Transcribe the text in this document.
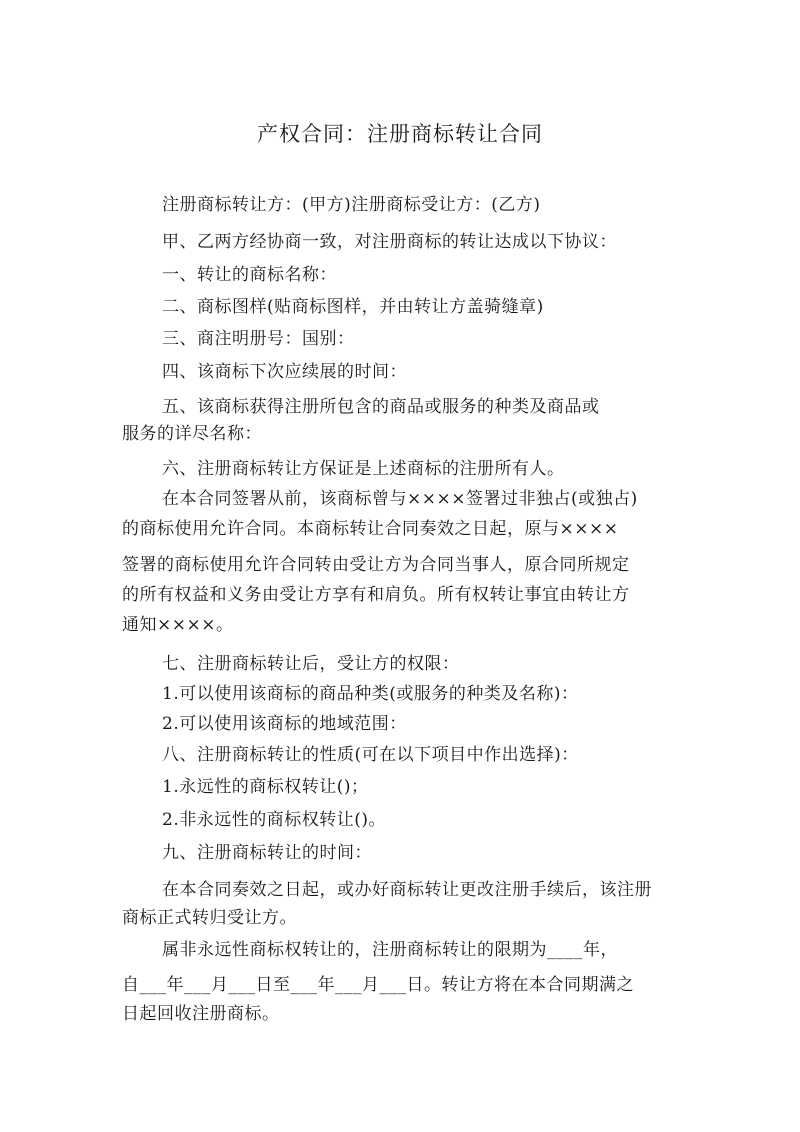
产权合同：注册商标转让合同
注册商标转让方：(甲方)注册商标受让方：(乙方)
甲、乙两方经协商一致，对注册商标的转让达成以下协议：
一、转让的商标名称：
二、商标图样(贴商标图样，并由转让方盖骑缝章)
三、商注明册号：国别：
四、该商标下次应续展的时间：
五、该商标获得注册所包含的商品或服务的种类及商品或
服务的详尽名称：
六、注册商标转让方保证是上述商标的注册所有人。
在本合同签署从前，该商标曾与××××签署过非独占(或独占)
的商标使用允许合同。本商标转让合同奏效之日起，原与××××
签署的商标使用允许合同转由受让方为合同当事人，原合同所规定
的所有权益和义务由受让方享有和肩负。所有权转让事宜由转让方
通知××××。
七、注册商标转让后，受让方的权限：
1.可以使用该商标的商品种类(或服务的种类及名称)：
2.可以使用该商标的地域范围：
八、注册商标转让的性质(可在以下项目中作出选择)：
1.永远性的商标权转让()；
2.非永远性的商标权转让()。
九、注册商标转让的时间：
在本合同奏效之日起，或办好商标转让更改注册手续后，该注册
商标正式转归受让方。
属非永远性商标权转让的，注册商标转让的限期为____年，
自___年___月___日至___年___月___日。转让方将在本合同期满之
日起回收注册商标。
